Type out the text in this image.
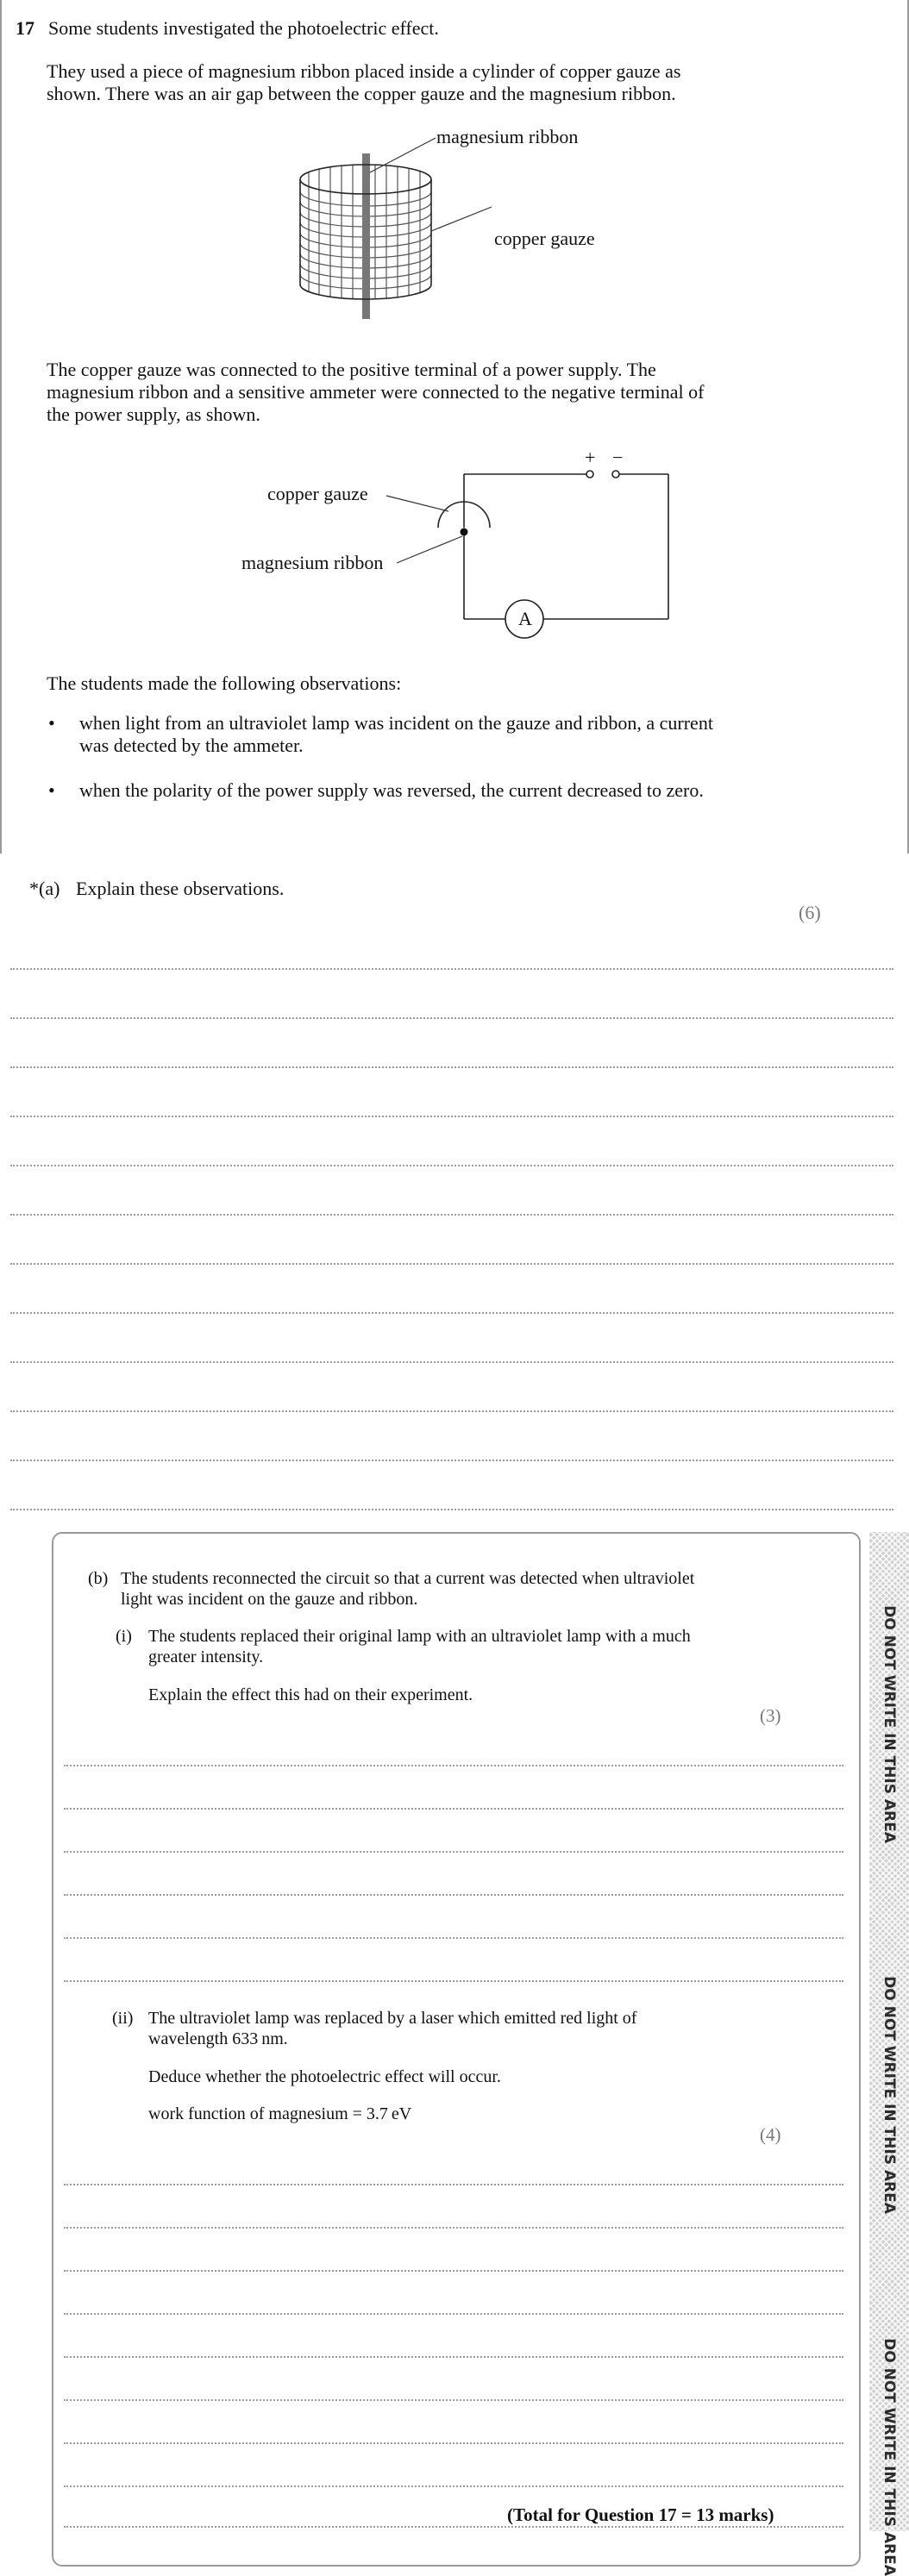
17 Some students investigated the photoelectric effect.
They used a piece of magnesium ribbon placed inside a cylinder of copper gauze as
shown. There was an air gap between the copper gauze and the magnesium ribbon.
magnesium ribbon
copper gauze
The copper gauze was connected to the positive terminal of a power supply. The
magnesium ribbon and a sensitive ammeter were connected to the negative terminal of
the power supply, as shown.
+ −
A
copper gauze
magnesium ribbon
The students made the following observations:
• when light from an ultraviolet lamp was incident on the gauze and ribbon, a current
was detected by the ammeter.
• when the polarity of the power supply was reversed, the current decreased to zero.
*(a) Explain these observations.
(6)
DO NOT WRITE IN THIS AREA
DO NOT WRITE IN THIS AREA
DO NOT WRITE IN THIS AREA
(b) The students reconnected the circuit so that a current was detected when ultraviolet
light was incident on the gauze and ribbon.
(i) The students replaced their original lamp with an ultraviolet lamp with a much
greater intensity.
Explain the effect this had on their experiment.
(3)
(ii) The ultraviolet lamp was replaced by a laser which emitted red light of
wavelength 633 nm.
Deduce whether the photoelectric effect will occur.
work function of magnesium = 3.7 eV
(4)
(Total for Question 17 = 13 marks)
